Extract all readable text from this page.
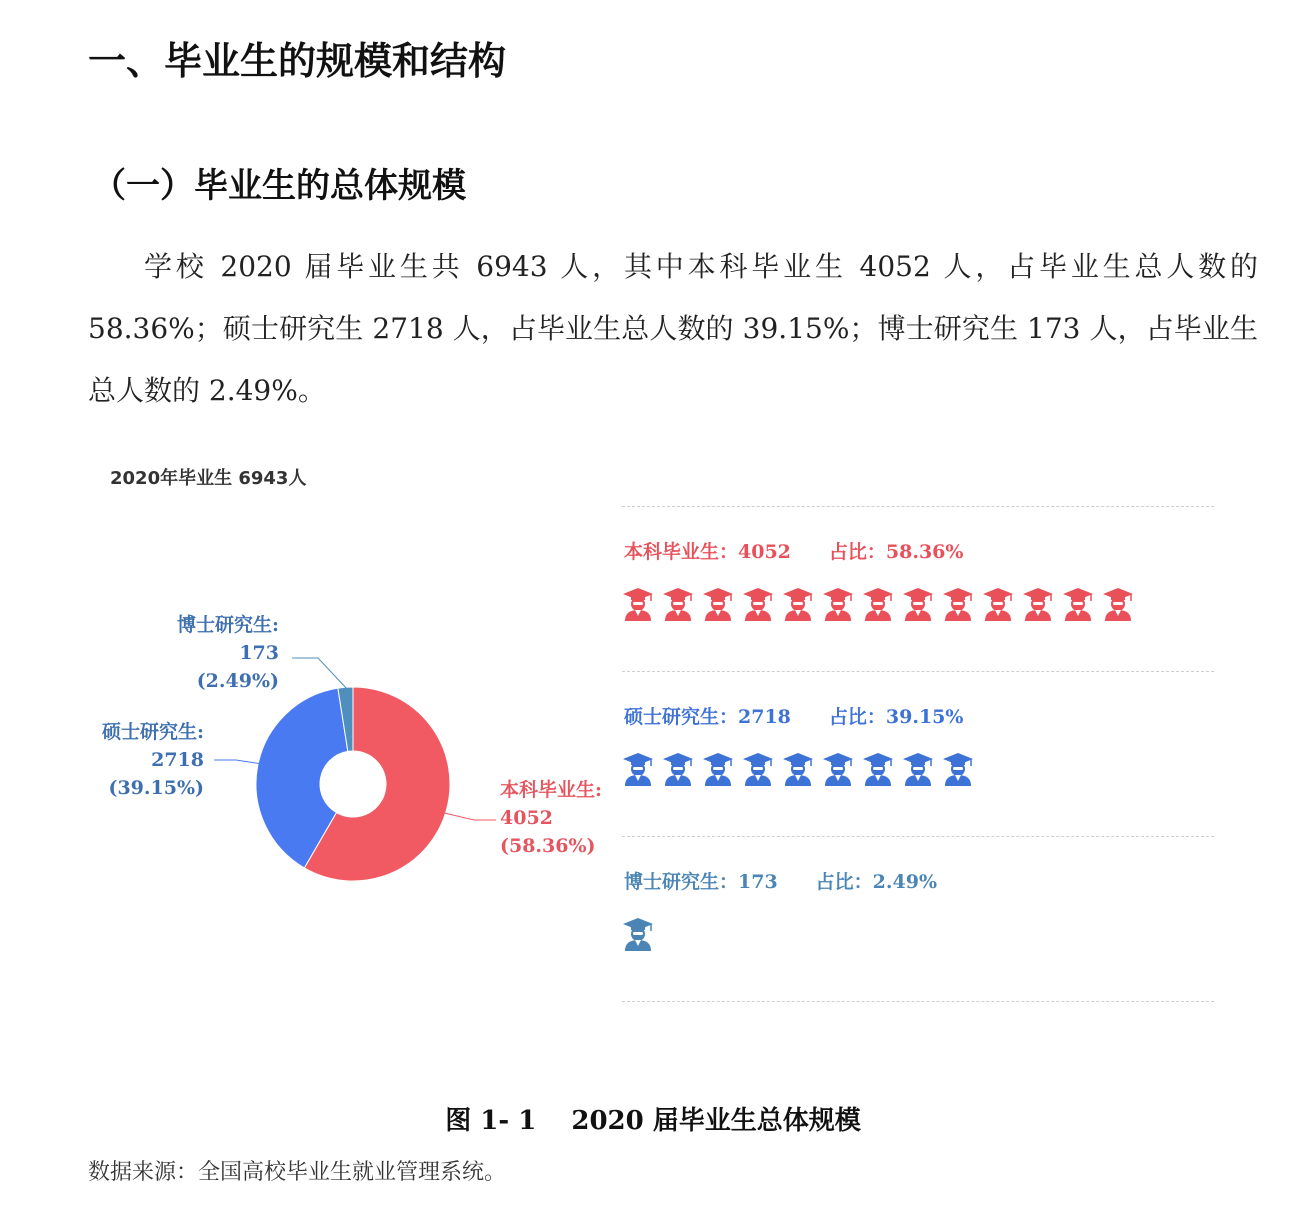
一、毕业生的规模和结构
（一）毕业生的总体规模

学校 2020 届毕业生共 6943 人，其中本科毕业生 4052 人，占毕业生总人数的 58.36%；硕士研究生 2718 人，占毕业生总人数的 39.15%；博士研究生 173 人，占毕业生总人数的 2.49%。

2020年毕业生 6943人
本科毕业生:
4052
(58.36%)
硕士研究生:
2718
(39.15%)
博士研究生:
173
(2.49%)
本科毕业生：4052 占比：58.36%
硕士研究生：2718 占比：39.15%
博士研究生：173 占比：2.49%
图 1- 1　 2020 届毕业生总体规模
数据来源：全国高校毕业生就业管理系统。
